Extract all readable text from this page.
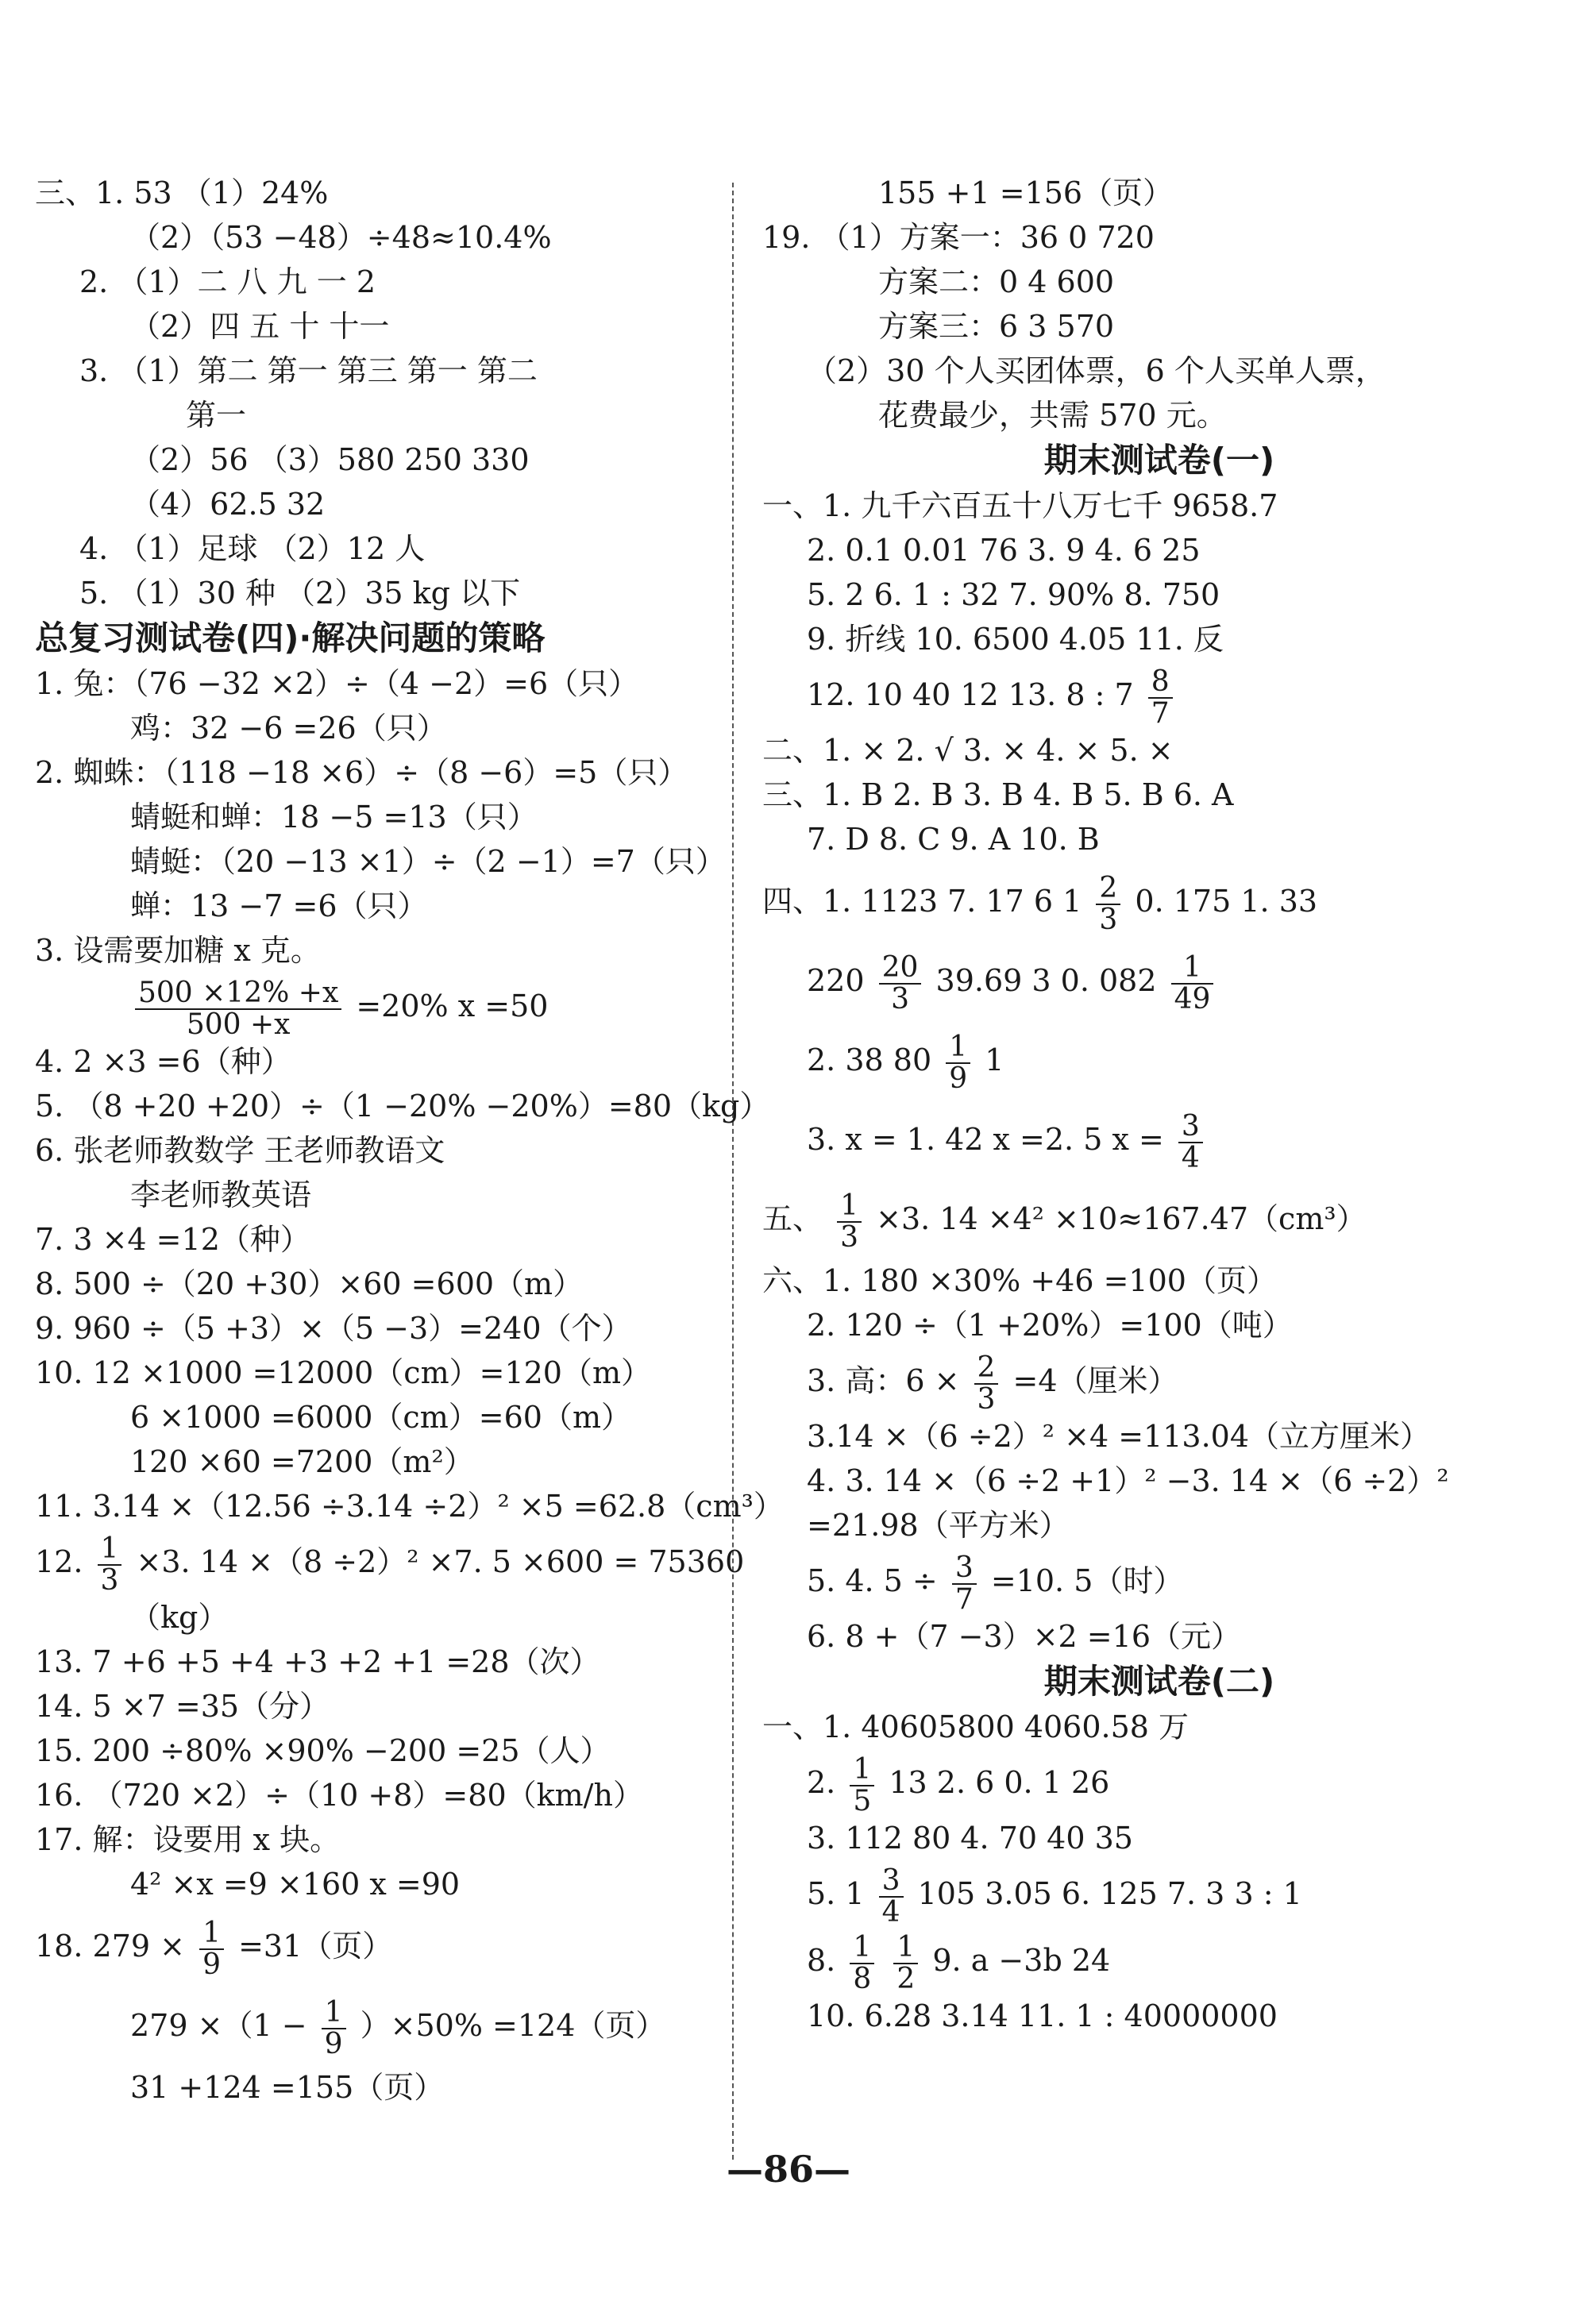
三、1. 53 （1）24%
（2）（53 −48）÷48≈10.4%
2. （1）二 八 九 一 2
（2）四 五 十 十一
3. （1）第二 第一 第三 第一 第二
第一
（2）56 （3）580 250 330
（4）62.5 32
4. （1）足球 （2）12 人
5. （1）30 种 （2）35 kg 以下
总复习测试卷(四)·解决问题的策略
1. 兔：（76 −32 ×2）÷（4 −2）=6（只）
鸡：32 −6 =26（只）
2. 蜘蛛：（118 −18 ×6）÷（8 −6）=5（只）
蜻蜓和蝉：18 −5 =13（只）
蜻蜓：（20 −13 ×1）÷（2 −1）=7（只）
蝉：13 −7 =6（只）
3. 设需要加糖 x 克。
$\frac{500 \times 12\% +x}{500 +x} =20\%$ x =50
4. 2 ×3 =6（种）
5. （8 +20 +20）÷（1 −20% −20%）=80（kg）
6. 张老师教数学 王老师教语文
李老师教英语
7. 3 ×4 =12（种）
8. 500 ÷（20 +30）×60 =600（m）
9. 960 ÷（5 +3）×（5 −3）=240（个）
10. 12 ×1000 =12000（cm）=120（m）
6 ×1000 =6000（cm）=60（m）
120 ×60 =7200（m²）
11. 3.14 ×（12.56 ÷3.14 ÷2）² ×5 =62.8（cm³）
12. $\frac{1}{3} \times 3$. 14 ×（8 ÷2）² ×7. 5 ×600 = 75360
（kg）
13. 7 +6 +5 +4 +3 +2 +1 =28（次）
14. 5 ×7 =35（分）
15. 200 ÷80% ×90% −200 =25（人）
16. （720 ×2）÷（10 +8）=80（km/h）
17. 解：设要用 x 块。
4² ×x =9 ×160 x =90
18. $279 \times \frac{1}{9} =31$（页）
$279 \times(1 - \frac{1}{9} )\times 50\% =124$（页）
31 +124 =155（页）
155 +1 =156（页）
19. （1）方案一：36 0 720
方案二：0 4 600
方案三：6 3 570
（2）30 个人买团体票，6 个人买单人票，
花费最少，共需 570 元。
期末测试卷(一)
一、1. 九千六百五十八万七千 9658.7
2. 0.1 0.01 76 3. 9 4. 6 25
5. 2 6. 1 : 32 7. 90% 8. 750
9. 折线 10. 6500 4.05 11. 反
12. 10 40 12 13. 8 : $7 \frac{8}{7}$
二、1. × 2. √ 3. × 4. × 5. ×
三、1. B 2. B 3. B 4. B 5. B 6. A
7. D 8. C 9. A 10. B
四、1. 1123 7. 17 6 $1 \frac{2}{3} 0$. 175 1. 33
$220 \frac{20}{3} 39.69$ 3 0. $082 \frac{1}{49}$
2. 38 $80 \frac{1}{9} 1$
3. x = 1. 42 x =2. 5 $x = \frac{3}{4}$
五、 $\frac{1}{3} \times 3$. 14 ×4² ×10≈167.47（cm³）
六、1. 180 ×30% +46 =100（页）
2. 120 ÷（1 +20%）=100（吨）
3. 高：$6 \times \frac{2}{3} =4$（厘米）
3.14 ×（6 ÷2）² ×4 =113.04（立方厘米）
4. 3. 14 ×（6 ÷2 +1）² −3. 14 ×（6 ÷2）²
=21.98（平方米）
5. 4. $5 \div \frac{3}{7} =10$. 5（时）
6. 8 +（7 −3）×2 =16（元）
期末测试卷(二)
一、1. 40605800 4060.58 万
2. $\frac{1}{5} 13$ 2. 6 0. 1 26
3. 112 80 4. 70 40 35
5. $1 \frac{3}{4} 105$ 3.05 6. 125 7. 3 3 : 1
8. $\frac{1}{8}$
$\frac{1}{2} 9$. a −3b 24
10. 6.28 3.14 11. 1 : 40000000
—86—
